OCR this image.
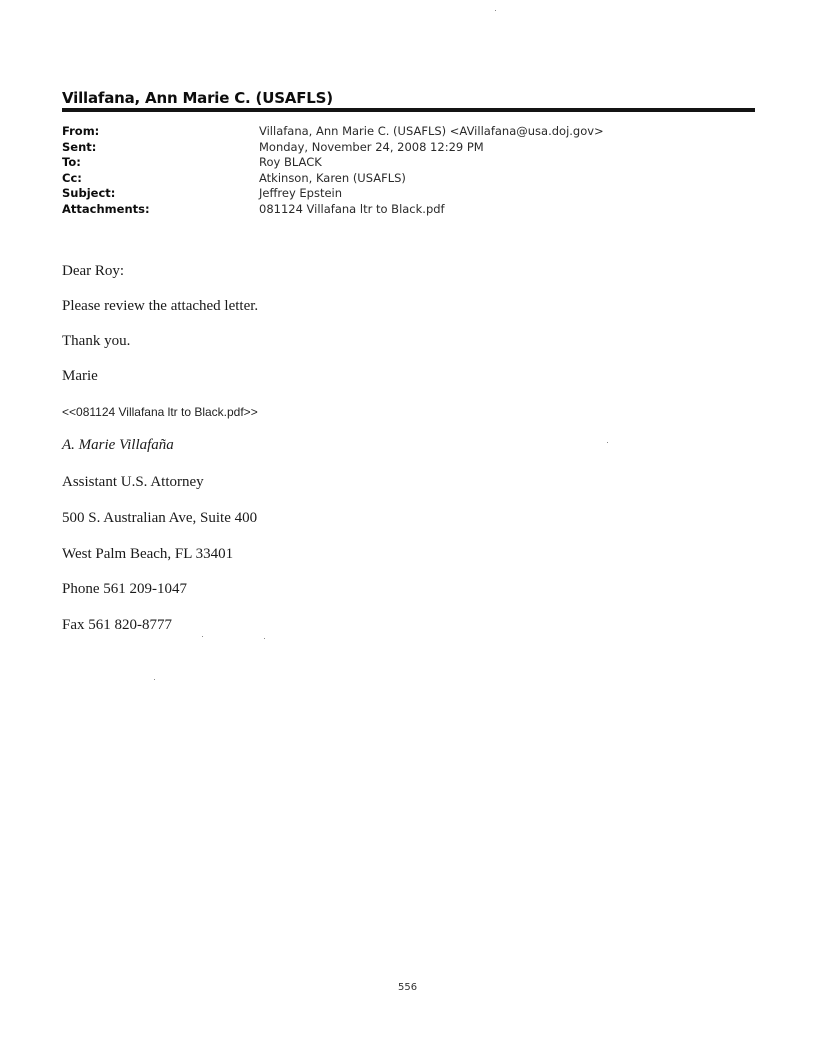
Villafana, Ann Marie C. (USAFLS)
From:	Villafana, Ann Marie C. (USAFLS) <AVillafana@usa.doj.gov>
Sent:	Monday, November 24, 2008 12:29 PM
To:	Roy BLACK
Cc:	Atkinson, Karen (USAFLS)
Subject:	Jeffrey Epstein
Attachments:	081124 Villafana ltr to Black.pdf
Dear Roy:
Please review the attached letter.
Thank you.
Marie
<<081124 Villafana ltr to Black.pdf>>
A. Marie Villafaña
Assistant U.S. Attorney
500 S. Australian Ave, Suite 400
West Palm Beach, FL 33401
Phone 561 209-1047
Fax 561 820-8777
556
